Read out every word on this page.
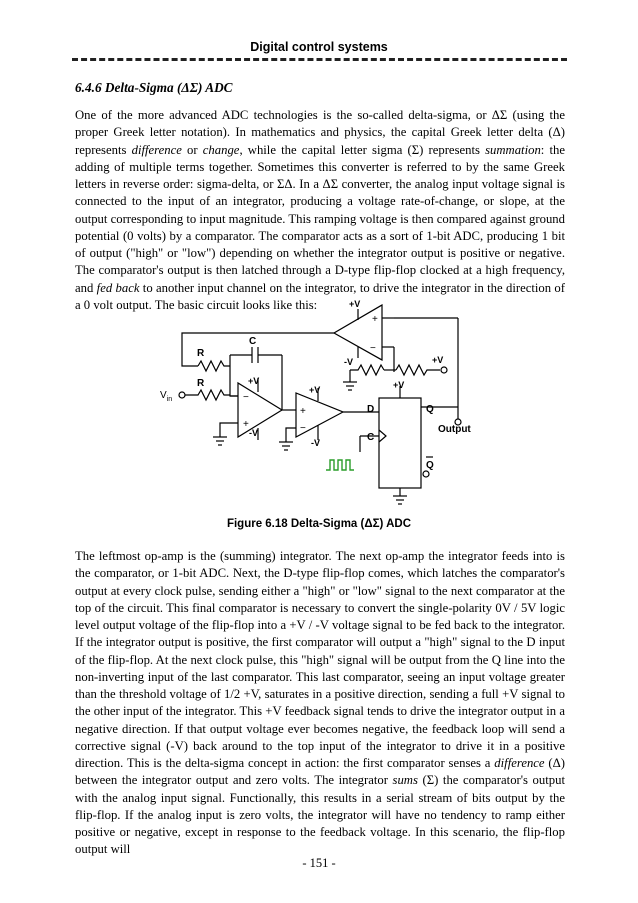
Digital control systems
6.4.6 Delta-Sigma (ΔΣ) ADC

One of the more advanced ADC technologies is the so-called delta-sigma, or ΔΣ (using the proper Greek letter notation). In mathematics and physics, the capital Greek letter delta (Δ) represents difference or change, while the capital letter sigma (Σ) represents summation: the adding of multiple terms together. Sometimes this converter is referred to by the same Greek letters in reverse order: sigma-delta, or ΣΔ. In a ΔΣ converter, the analog input voltage signal is connected to the input of an integrator, producing a voltage rate-of-change, or slope, at the output corresponding to input magnitude. This ramping voltage is then compared against ground potential (0 volts) by a comparator. The comparator acts as a sort of 1-bit ADC, producing 1 bit of output ("high" or "low") depending on whether the integrator output is positive or negative. The comparator's output is then latched through a D-type flip-flop clocked at a high frequency, and fed back to another input channel on the integrator, to drive the integrator in the direction of a 0 volt output. The basic circuit looks like this:

+
−
+V
-V	+V
R
$V_{in}$
R
C
−
+
+V
-V
+
−
+V
-V
D	Q
C
Q
+V
Output
Figure 6.18 Delta-Sigma (ΔΣ) ADC

The leftmost op-amp is the (summing) integrator. The next op-amp the integrator feeds into is the comparator, or 1-bit ADC. Next, the D-type flip-flop comes, which latches the comparator's output at every clock pulse, sending either a "high" or "low" signal to the next comparator at the top of the circuit. This final comparator is necessary to convert the single-polarity 0V / 5V logic level output voltage of the flip-flop into a +V / -V voltage signal to be fed back to the integrator. If the integrator output is positive, the first comparator will output a "high" signal to the D input of the flip-flop. At the next clock pulse, this "high" signal will be output from the Q line into the non-inverting input of the last comparator. This last comparator, seeing an input voltage greater than the threshold voltage of 1/2 +V, saturates in a positive direction, sending a full +V signal to the other input of the integrator. This +V feedback signal tends to drive the integrator output in a negative direction. If that output voltage ever becomes negative, the feedback loop will send a corrective signal (-V) back around to the top input of the integrator to drive it in a positive direction. This is the delta-sigma concept in action: the first comparator senses a difference (Δ) between the integrator output and zero volts. The integrator sums (Σ) the comparator's output with the analog input signal. Functionally, this results in a serial stream of bits output by the flip-flop. If the analog input is zero volts, the integrator will have no tendency to ramp either positive or negative, except in response to the feedback voltage. In this scenario, the flip-flop output will

- 151 -
